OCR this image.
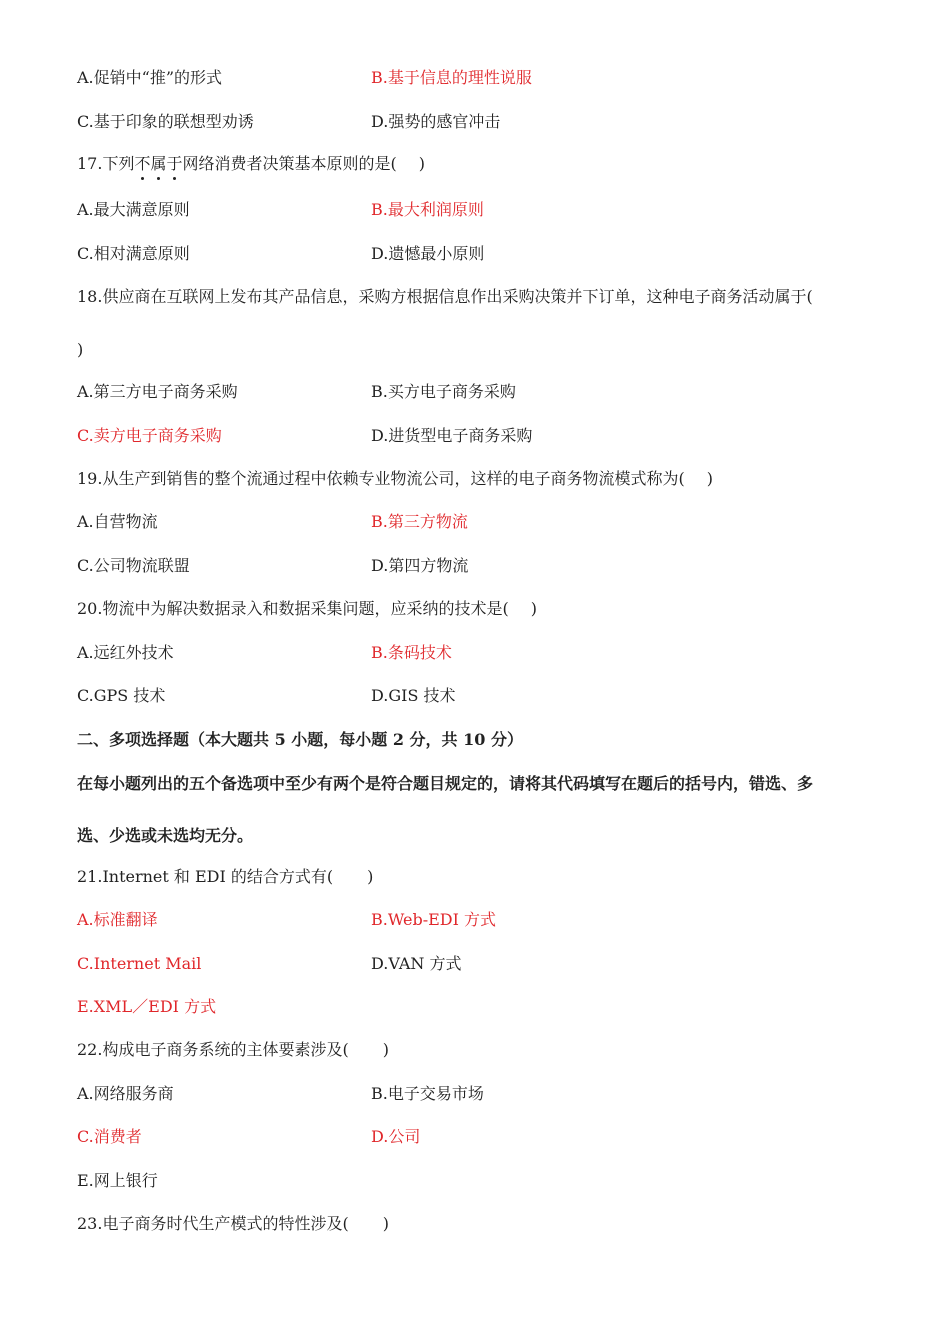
A.促销中“推”的形式	B.基于信息的理性说服
C.基于印象的联想型劝诱	D.强势的感官冲击
17.下列不属于网络消费者决策基本原则的是( )
A.最大满意原则	B.最大利润原则
C.相对满意原则	D.遗憾最小原则
18.供应商在互联网上发布其产品信息，采购方根据信息作出采购决策并下订单，这种电子商务活动属于(
)
A.第三方电子商务采购	B.买方电子商务采购
C.卖方电子商务采购	D.进货型电子商务采购
19.从生产到销售的整个流通过程中依赖专业物流公司，这样的电子商务物流模式称为( )
A.自营物流	B.第三方物流
C.公司物流联盟	D.第四方物流
20.物流中为解决数据录入和数据采集问题，应采纳的技术是( )
A.远红外技术	B.条码技术
C.GPS 技术	D.GIS 技术
二、多项选择题（本大题共 5 小题，每小题 2 分，共 10 分）
在每小题列出的五个备选项中至少有两个是符合题目规定的，请将其代码填写在题后的括号内，错选、多
选、少选或未选均无分。
21.Internet 和 EDI 的结合方式有( )
A.标准翻译	B.Web-EDI 方式
C.Internet Mail	D.VAN 方式
E.XML／EDI 方式
22.构成电子商务系统的主体要素涉及( )
A.网络服务商	B.电子交易市场
C.消费者	D.公司
E.网上银行
23.电子商务时代生产模式的特性涉及( )
